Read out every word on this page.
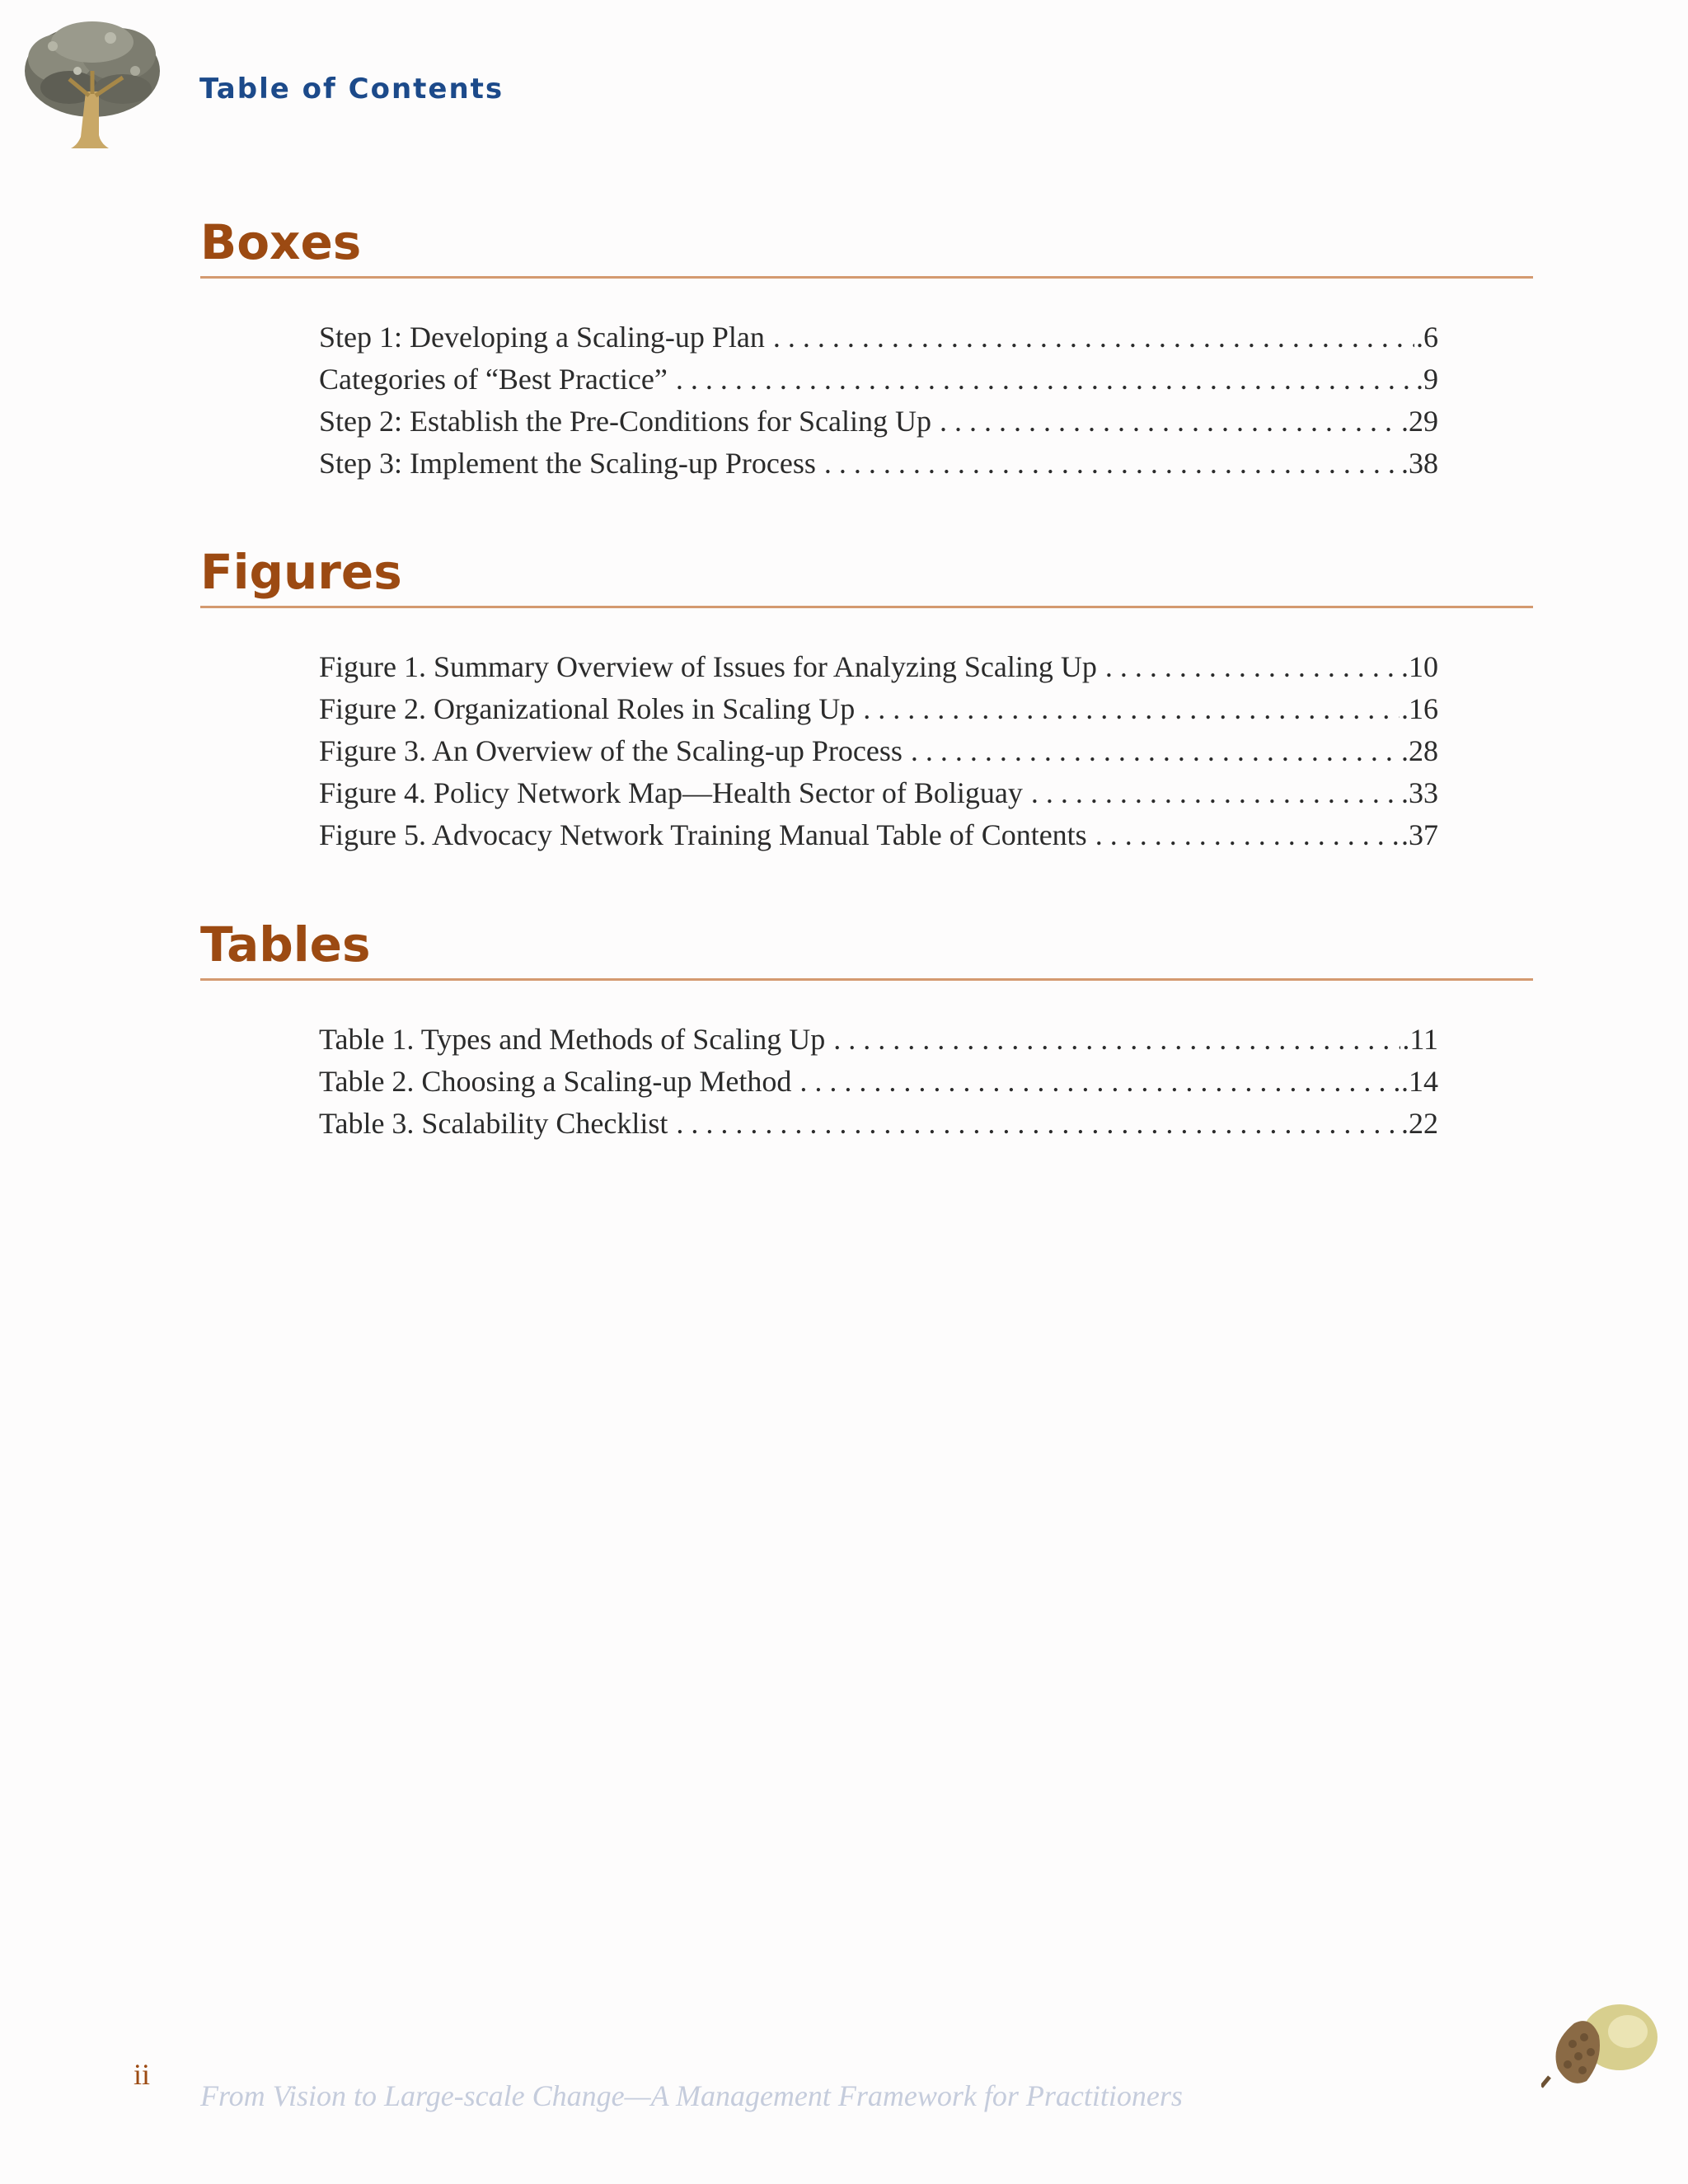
Table of Contents
Boxes
Step 1: Developing a Scaling-up Plan . . .	.6
Categories of “Best Practice” . . .	.9
Step 2: Establish the Pre-Conditions for Scaling Up . . .	.29
Step 3: Implement the Scaling-up Process . . .	.38
Figures
Figure 1. Summary Overview of Issues for Analyzing Scaling Up . . .	.10
Figure 2. Organizational Roles in Scaling Up . . .	.16
Figure 3. An Overview of the Scaling-up Process . . .	.28
Figure 4. Policy Network Map—Health Sector of Boliguay . . .	.33
Figure 5. Advocacy Network Training Manual Table of Contents . . .	.37
Tables
Table 1. Types and Methods of Scaling Up . . .	.11
Table 2. Choosing a Scaling-up Method . . .	.14
Table 3. Scalability Checklist . . .	.22

ii

From Vision to Large-scale Change—A Management Framework for Practitioners
